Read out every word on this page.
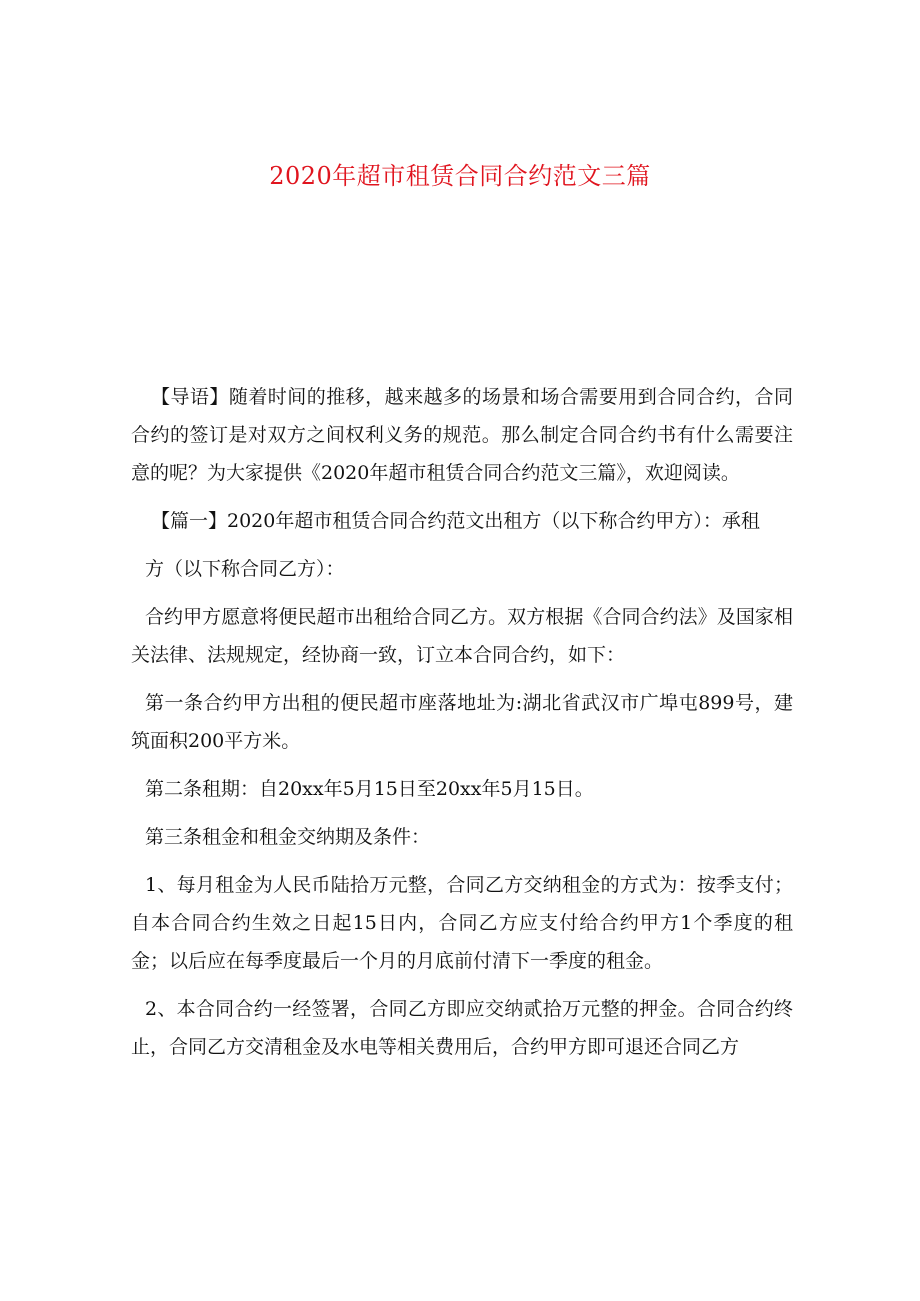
2020年超市租赁合同合约范文三篇

【导语】随着时间的推移，越来越多的场景和场合需要用到合同合约，合同合约的签订是对双方之间权利义务的规范。那么制定合同合约书有什么需要注意的呢？为大家提供《2020年超市租赁合同合约范文三篇》，欢迎阅读。

【篇一】2020年超市租赁合同合约范文出租方（以下称合约甲方）：承租

方（以下称合同乙方）：

合约甲方愿意将便民超市出租给合同乙方。双方根据《合同合约法》及国家相关法律、法规规定，经协商一致，订立本合同合约，如下：

第一条合约甲方出租的便民超市座落地址为:湖北省武汉市广埠屯899号，建筑面积200平方米。

第二条租期：自20xx年5月15日至20xx年5月15日。

第三条租金和租金交纳期及条件：

1、每月租金为人民币陆拾万元整，合同乙方交纳租金的方式为：按季支付；自本合同合约生效之日起15日内，合同乙方应支付给合约甲方1个季度的租金；以后应在每季度最后一个月的月底前付清下一季度的租金。

2、本合同合约一经签署，合同乙方即应交纳贰拾万元整的押金。合同合约终止，合同乙方交清租金及水电等相关费用后，合约甲方即可退还合同乙方
